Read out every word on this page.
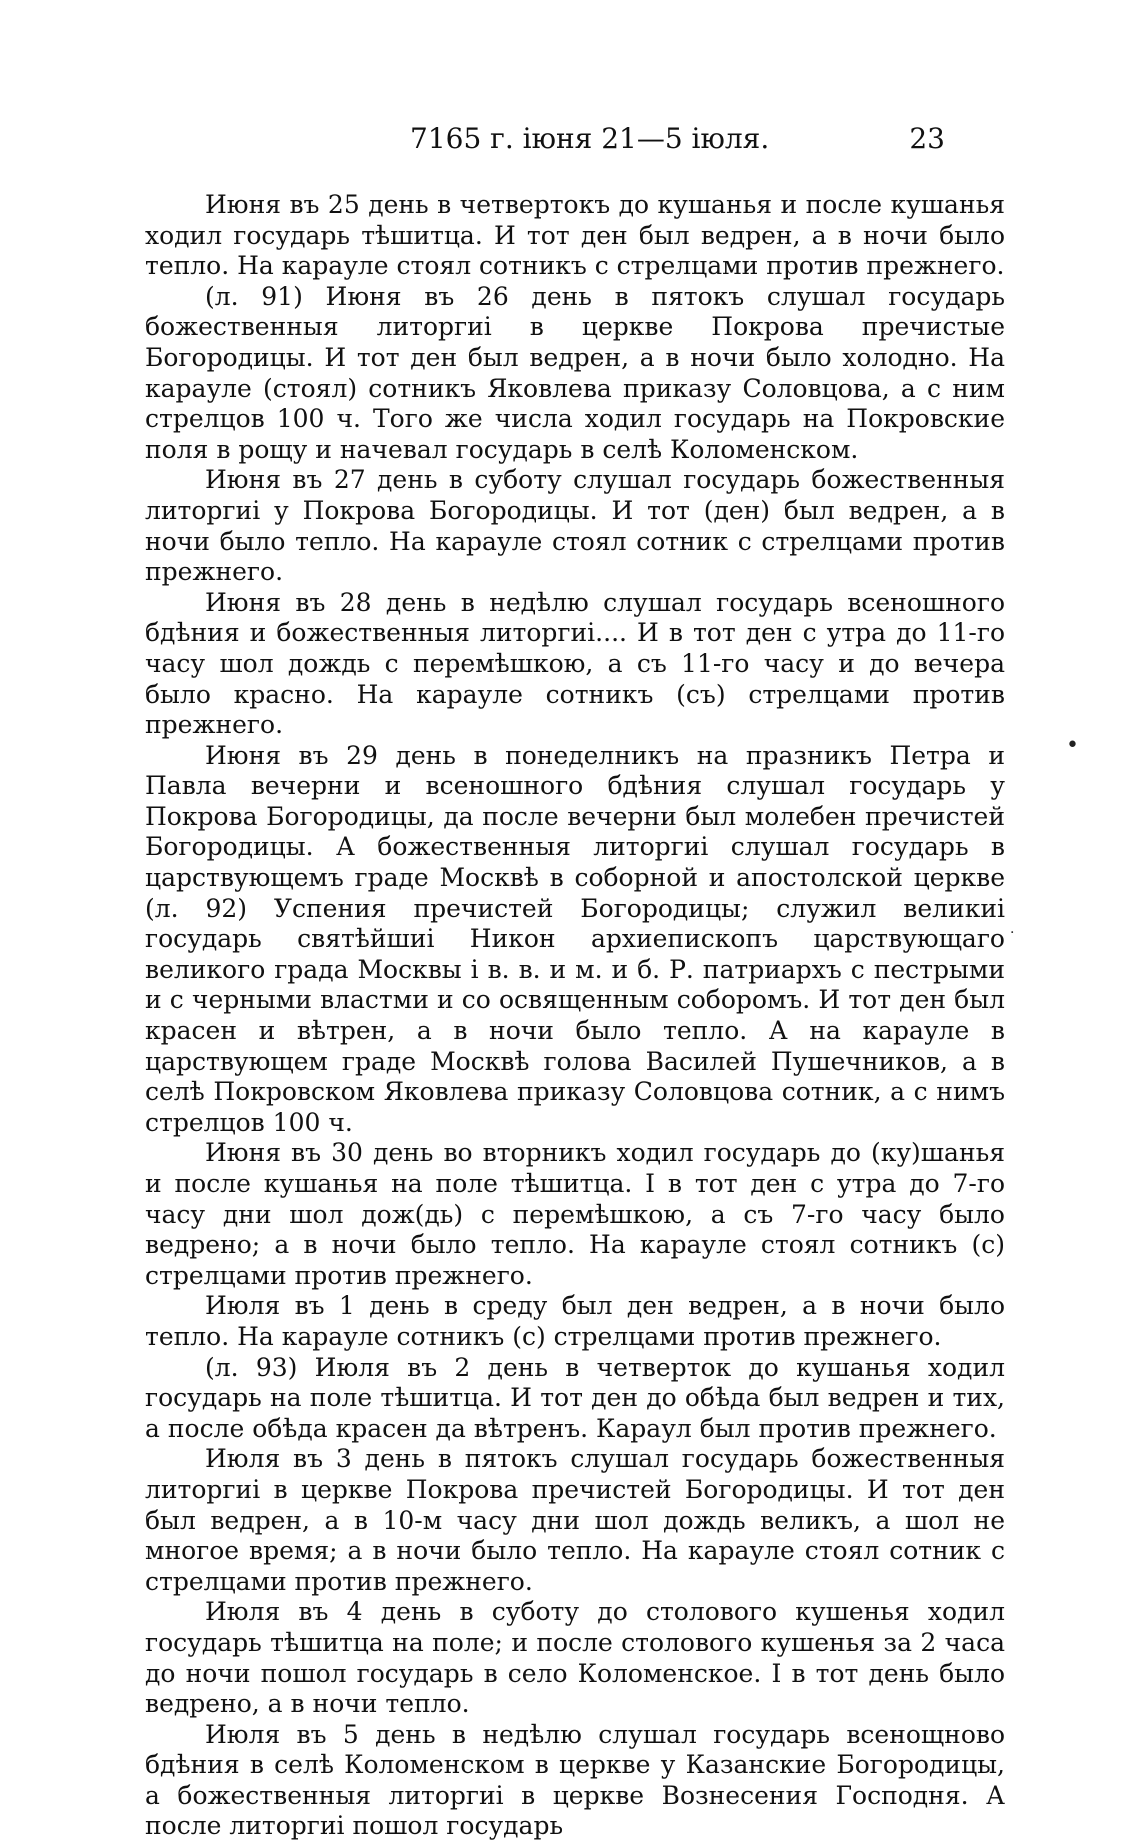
7165 г. іюня 21—5 іюля.	23

Июня въ 25 день в четвертокъ до кушанья и после кушанья ходил государь тѣшитца. И тот ден был ведрен, а в ночи было тепло. На карауле стоял сотникъ с стрелцами против прежнего.

(л. 91) Июня въ 26 день в пятокъ слушал государь божественныя литоргиі в церкве Покрова пречистые Богородицы. И тот ден был ведрен, а в ночи было холодно. На карауле (стоял) сотникъ Яковлева приказу Соловцова, а с ним стрелцов 100 ч. Того же числа ходил государь на Покровские поля в рощу и начевал государь в селѣ Коломенском.

Июня въ 27 день в суботу слушал государь божественныя литоргиі у Покрова Богородицы. И тот (ден) был ведрен, а в ночи было тепло. На карауле стоял сотник с стрелцами против прежнего.

Июня въ 28 день в недѣлю слушал государь всеношного бдѣния и божественныя литоргиі.... И в тот ден с утра до 11-го часу шол дождь с перемѣшкою, а съ 11-го часу и до вечера было красно. На карауле сотникъ (съ) стрелцами против прежнего.

Июня въ 29 день в понеделникъ на празникъ Петра и Павла вечерни и всеношного бдѣния слушал государь у Покрова Богородицы, да после вечерни был молебен пречистей Богородицы. А божественныя литоргиі слушал государь в царствующемъ граде Москвѣ в соборной и апостолской церкве (л. 92) Успения пречистей Богородицы; служил великиі государь святѣйшиі Никон архиепископъ царствующаго великого града Москвы і в. в. и м. и б. Р. патриархъ с пестрыми и с черными властми и со освященным соборомъ. И тот ден был красен и вѣтрен, а в ночи было тепло. А на карауле в царствующем граде Москвѣ голова Василей Пушечников, а в селѣ Покровском Яковлева приказу Соловцова сотник, а с нимъ стрелцов 100 ч.

Июня въ 30 день во вторникъ ходил государь до (ку)шанья и после кушанья на поле тѣшитца. І в тот ден с утра до 7-го часу дни шол дож(дь) с перемѣшкою, а съ 7-го часу было ведрено; а в ночи было тепло. На карауле стоял сотникъ (с) стрелцами против прежнего.

Июля въ 1 день в среду был ден ведрен, а в ночи было тепло. На карауле сотникъ (с) стрелцами против прежнего.

(л. 93) Июля въ 2 день в четверток до кушанья ходил государь на поле тѣшитца. И тот ден до обѣда был ведрен и тих, а после обѣда красен да вѣтренъ. Караул был против прежнего.

Июля въ 3 день в пятокъ слушал государь божественныя литоргиі в церкве Покрова пречистей Богородицы. И тот ден был ведрен, а в 10-м часу дни шол дождь великъ, а шол не многое время; а в ночи было тепло. На карауле стоял сотник с стрелцами против прежнего.

Июля въ 4 день в суботу до столового кушенья ходил государь тѣшитца на поле; и после столового кушенья за 2 часа до ночи пошол государь в село Коломенское. І в тот день было ведрено, а в ночи тепло.

Июля въ 5 день в недѣлю слушал государь всенощново бдѣния в селѣ Коломенском в церкве у Казанские Богородицы, а божественныя литоргиі в церкве Вознесения Господня. А после литоргиі пошол государь

•
·
